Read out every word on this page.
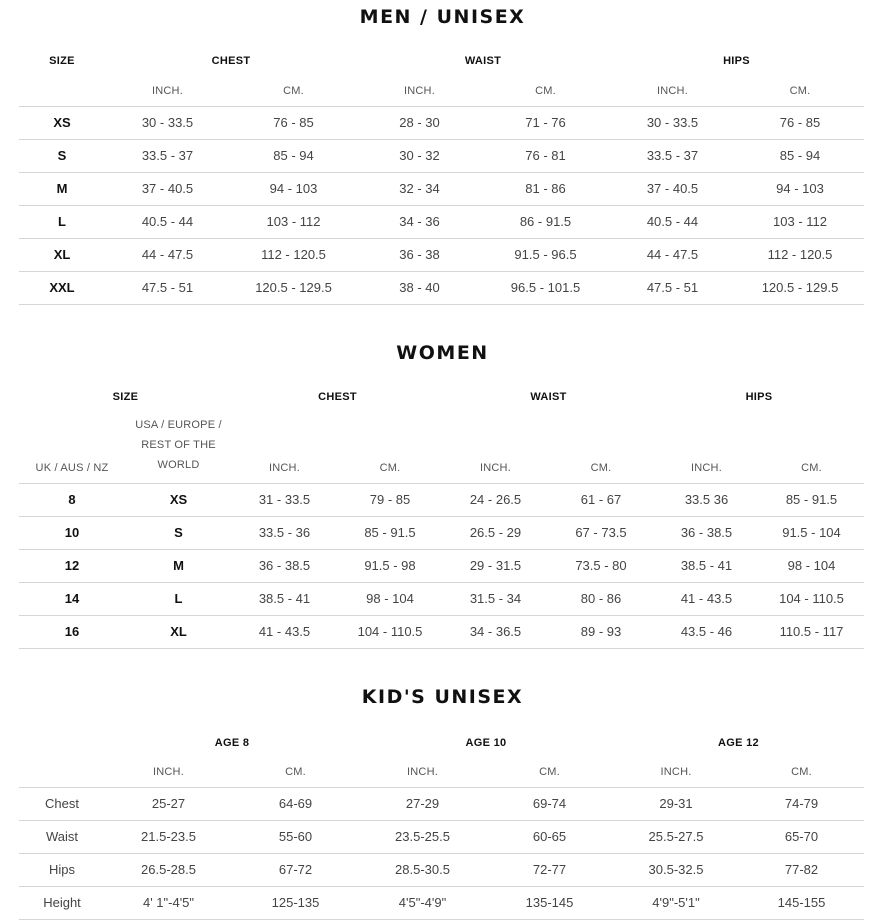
MEN / UNISEX
SIZE	CHEST		WAIST		HIPS	
	INCH.	CM.	INCH.	CM.	INCH.	CM.
XS	30 - 33.5	76 - 85	28 - 30	71 - 76	30 - 33.5	76 - 85
S	33.5 - 37	85 - 94	30 - 32	76 - 81	33.5 - 37	85 - 94
M	37 - 40.5	94 - 103	32 - 34	81 - 86	37 - 40.5	94 - 103
L	40.5 - 44	103 - 112	34 - 36	86 - 91.5	40.5 - 44	103 - 112
XL	44 - 47.5	112 - 120.5	36 - 38	91.5 - 96.5	44 - 47.5	112 - 120.5
XXL	47.5 - 51	120.5 - 129.5	38 - 40	96.5 - 101.5	47.5 - 51	120.5 - 129.5
WOMEN
SIZE		CHEST		WAIST		HIPS	
UK / AUS / NZ	USA / EUROPE / REST OF THE WORLD	INCH.	CM.	INCH.	CM.	INCH.	CM.
8	XS	31 - 33.5	79 - 85	24 - 26.5	61 - 67	33.5 36	85 - 91.5
10	S	33.5 - 36	85 - 91.5	26.5 - 29	67 - 73.5	36 - 38.5	91.5 - 104
12	M	36 - 38.5	91.5 - 98	29 - 31.5	73.5 - 80	38.5 - 41	98 - 104
14	L	38.5 - 41	98 - 104	31.5 - 34	80 - 86	41 - 43.5	104 - 110.5
16	XL	41 - 43.5	104 - 110.5	34 - 36.5	89 - 93	43.5 - 46	110.5 - 117
KID'S UNISEX
	AGE 8		AGE 10		AGE 12	
	INCH.	CM.	INCH.	CM.	INCH.	CM.
Chest	25-27	64-69	27-29	69-74	29-31	74-79
Waist	21.5-23.5	55-60	23.5-25.5	60-65	25.5-27.5	65-70
Hips	26.5-28.5	67-72	28.5-30.5	72-77	30.5-32.5	77-82
Height	4' 1"-4'5"	125-135	4'5"-4'9"	135-145	4'9"-5'1"	145-155
